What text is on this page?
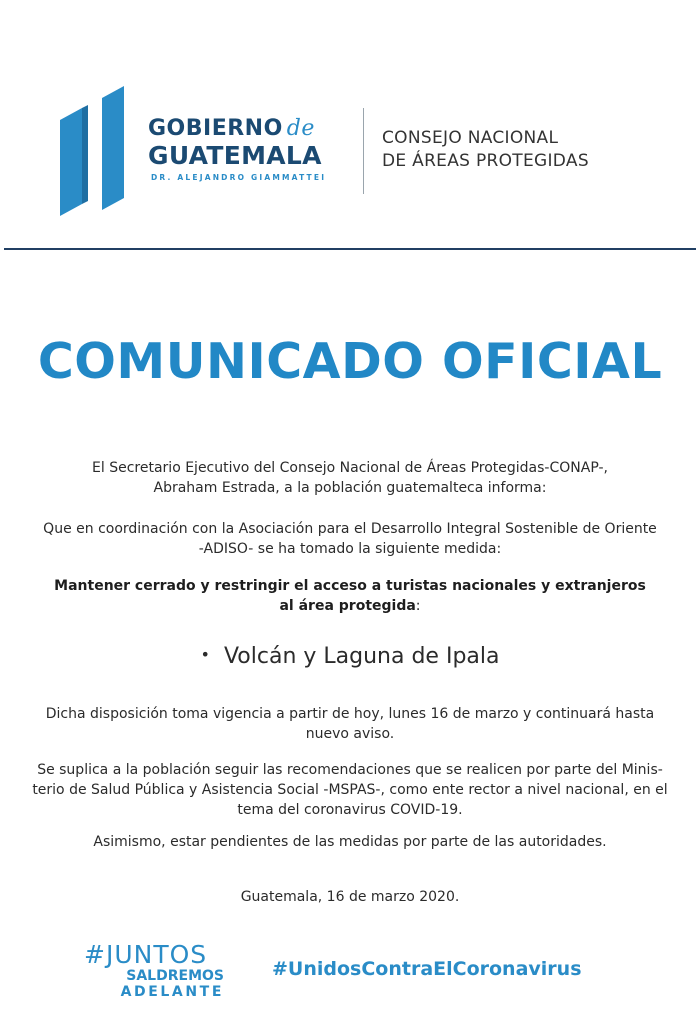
GOBIERNO de
GUATEMALA
DR. ALEJANDRO GIAMMATTEI
CONSEJO NACIONAL
DE ÁREAS PROTEGIDAS
COMUNICADO OFICIAL
El Secretario Ejecutivo del Consejo Nacional de Áreas Protegidas-CONAP-,
Abraham Estrada, a la población guatemalteca informa:
Que en coordinación con la Asociación para el Desarrollo Integral Sostenible de Oriente
-ADISO- se ha tomado la siguiente medida:
Mantener cerrado y restringir el acceso a turistas nacionales y extranjeros
al área protegida:
• Volcán y Laguna de Ipala
Dicha disposición toma vigencia a partir de hoy, lunes 16 de marzo y continuará hasta
nuevo aviso.
Se suplica a la población seguir las recomendaciones que se realicen por parte del Minis-
terio de Salud Pública y Asistencia Social -MSPAS-, como ente rector a nivel nacional, en el
tema del coronavirus COVID-19.
Asimismo, estar pendientes de las medidas por parte de las autoridades.
Guatemala, 16 de marzo 2020.
#JUNTOS
SALDREMOS
ADELANTE
#UnidosContraElCoronavirus
